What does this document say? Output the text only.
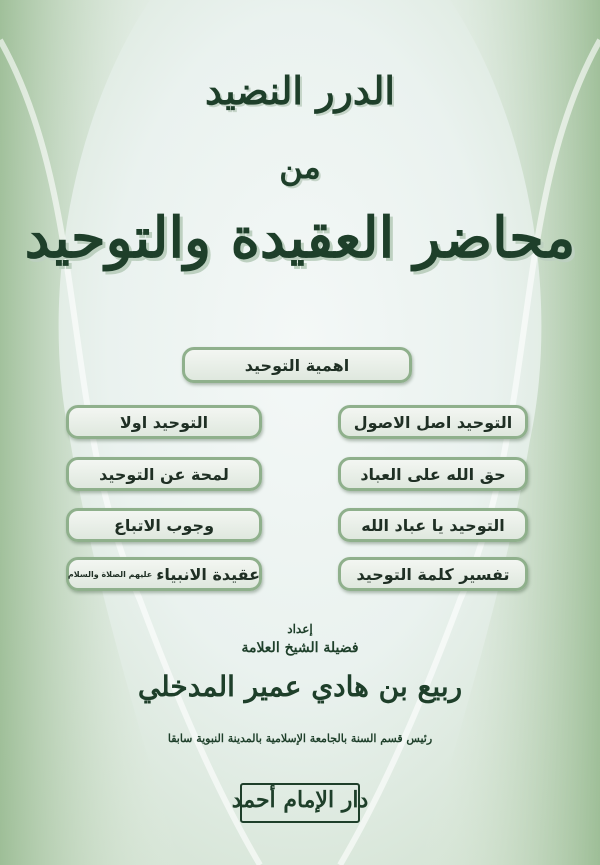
الدرر النضيد
من
محاضر العقيدة والتوحيد
اهمية التوحيد
التوحيد اصل الاصول
حق الله على العباد
التوحيد يا عباد الله
تفسير كلمة التوحيد
التوحيد اولا
لمحة عن التوحيد
وجوب الاتباع
عقيدة الانبياء
عليهم الصلاة والسلام
إعداد
فضيلة الشيخ العلامة
ربيع بن هادي عمير المدخلي
رئيس قسم السنة بالجامعة الإسلامية بالمدينة النبوية سابقا
دار الإمام أحمد
